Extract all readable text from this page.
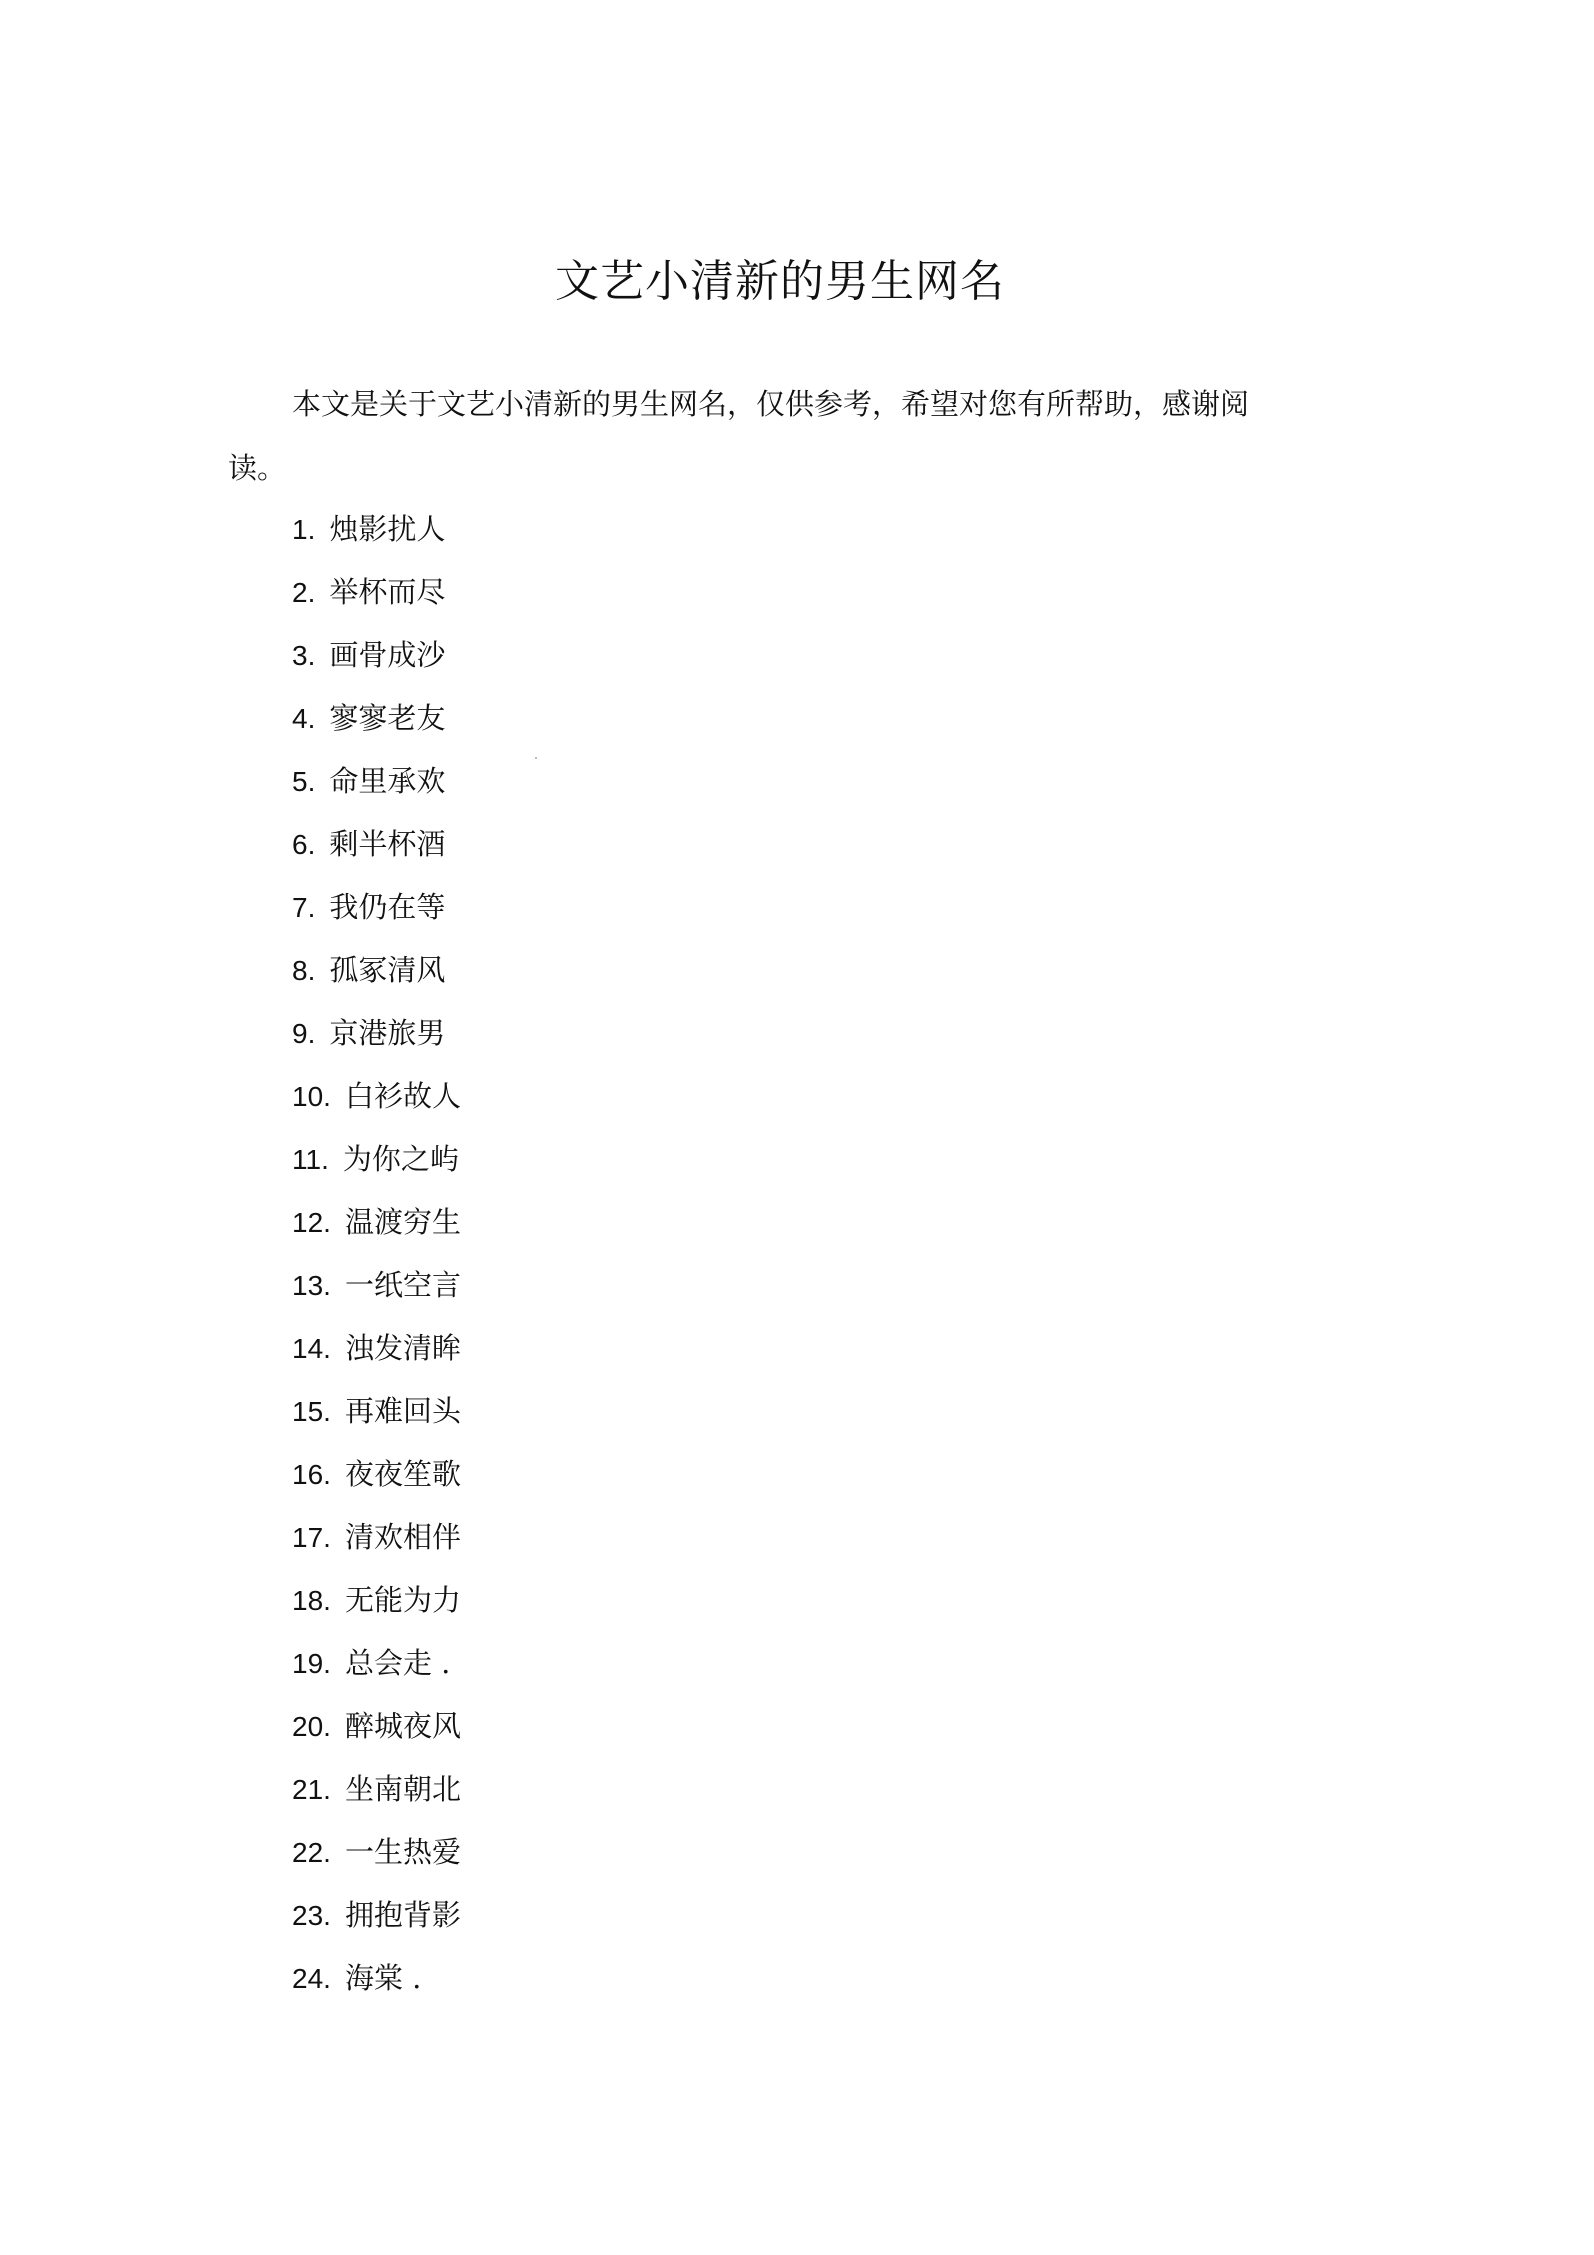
文艺小清新的男生网名

本文是关于文艺小清新的男生网名，仅供参考，希望对您有所帮助，感谢阅读。

1. 烛影扰人
2. 举杯而尽
3. 画骨成沙
4. 寥寥老友
5. 命里承欢
6. 剩半杯酒
7. 我仍在等
8. 孤冢清风
9. 京港旅男
10. 白衫故人
11. 为你之屿
12. 温渡穷生
13. 一纸空言
14. 浊发清眸
15. 再难回头
16. 夜夜笙歌
17. 清欢相伴
18. 无能为力
19. 总会走 .
20. 醉城夜风
21. 坐南朝北
22. 一生热爱
23. 拥抱背影
24. 海棠 .
